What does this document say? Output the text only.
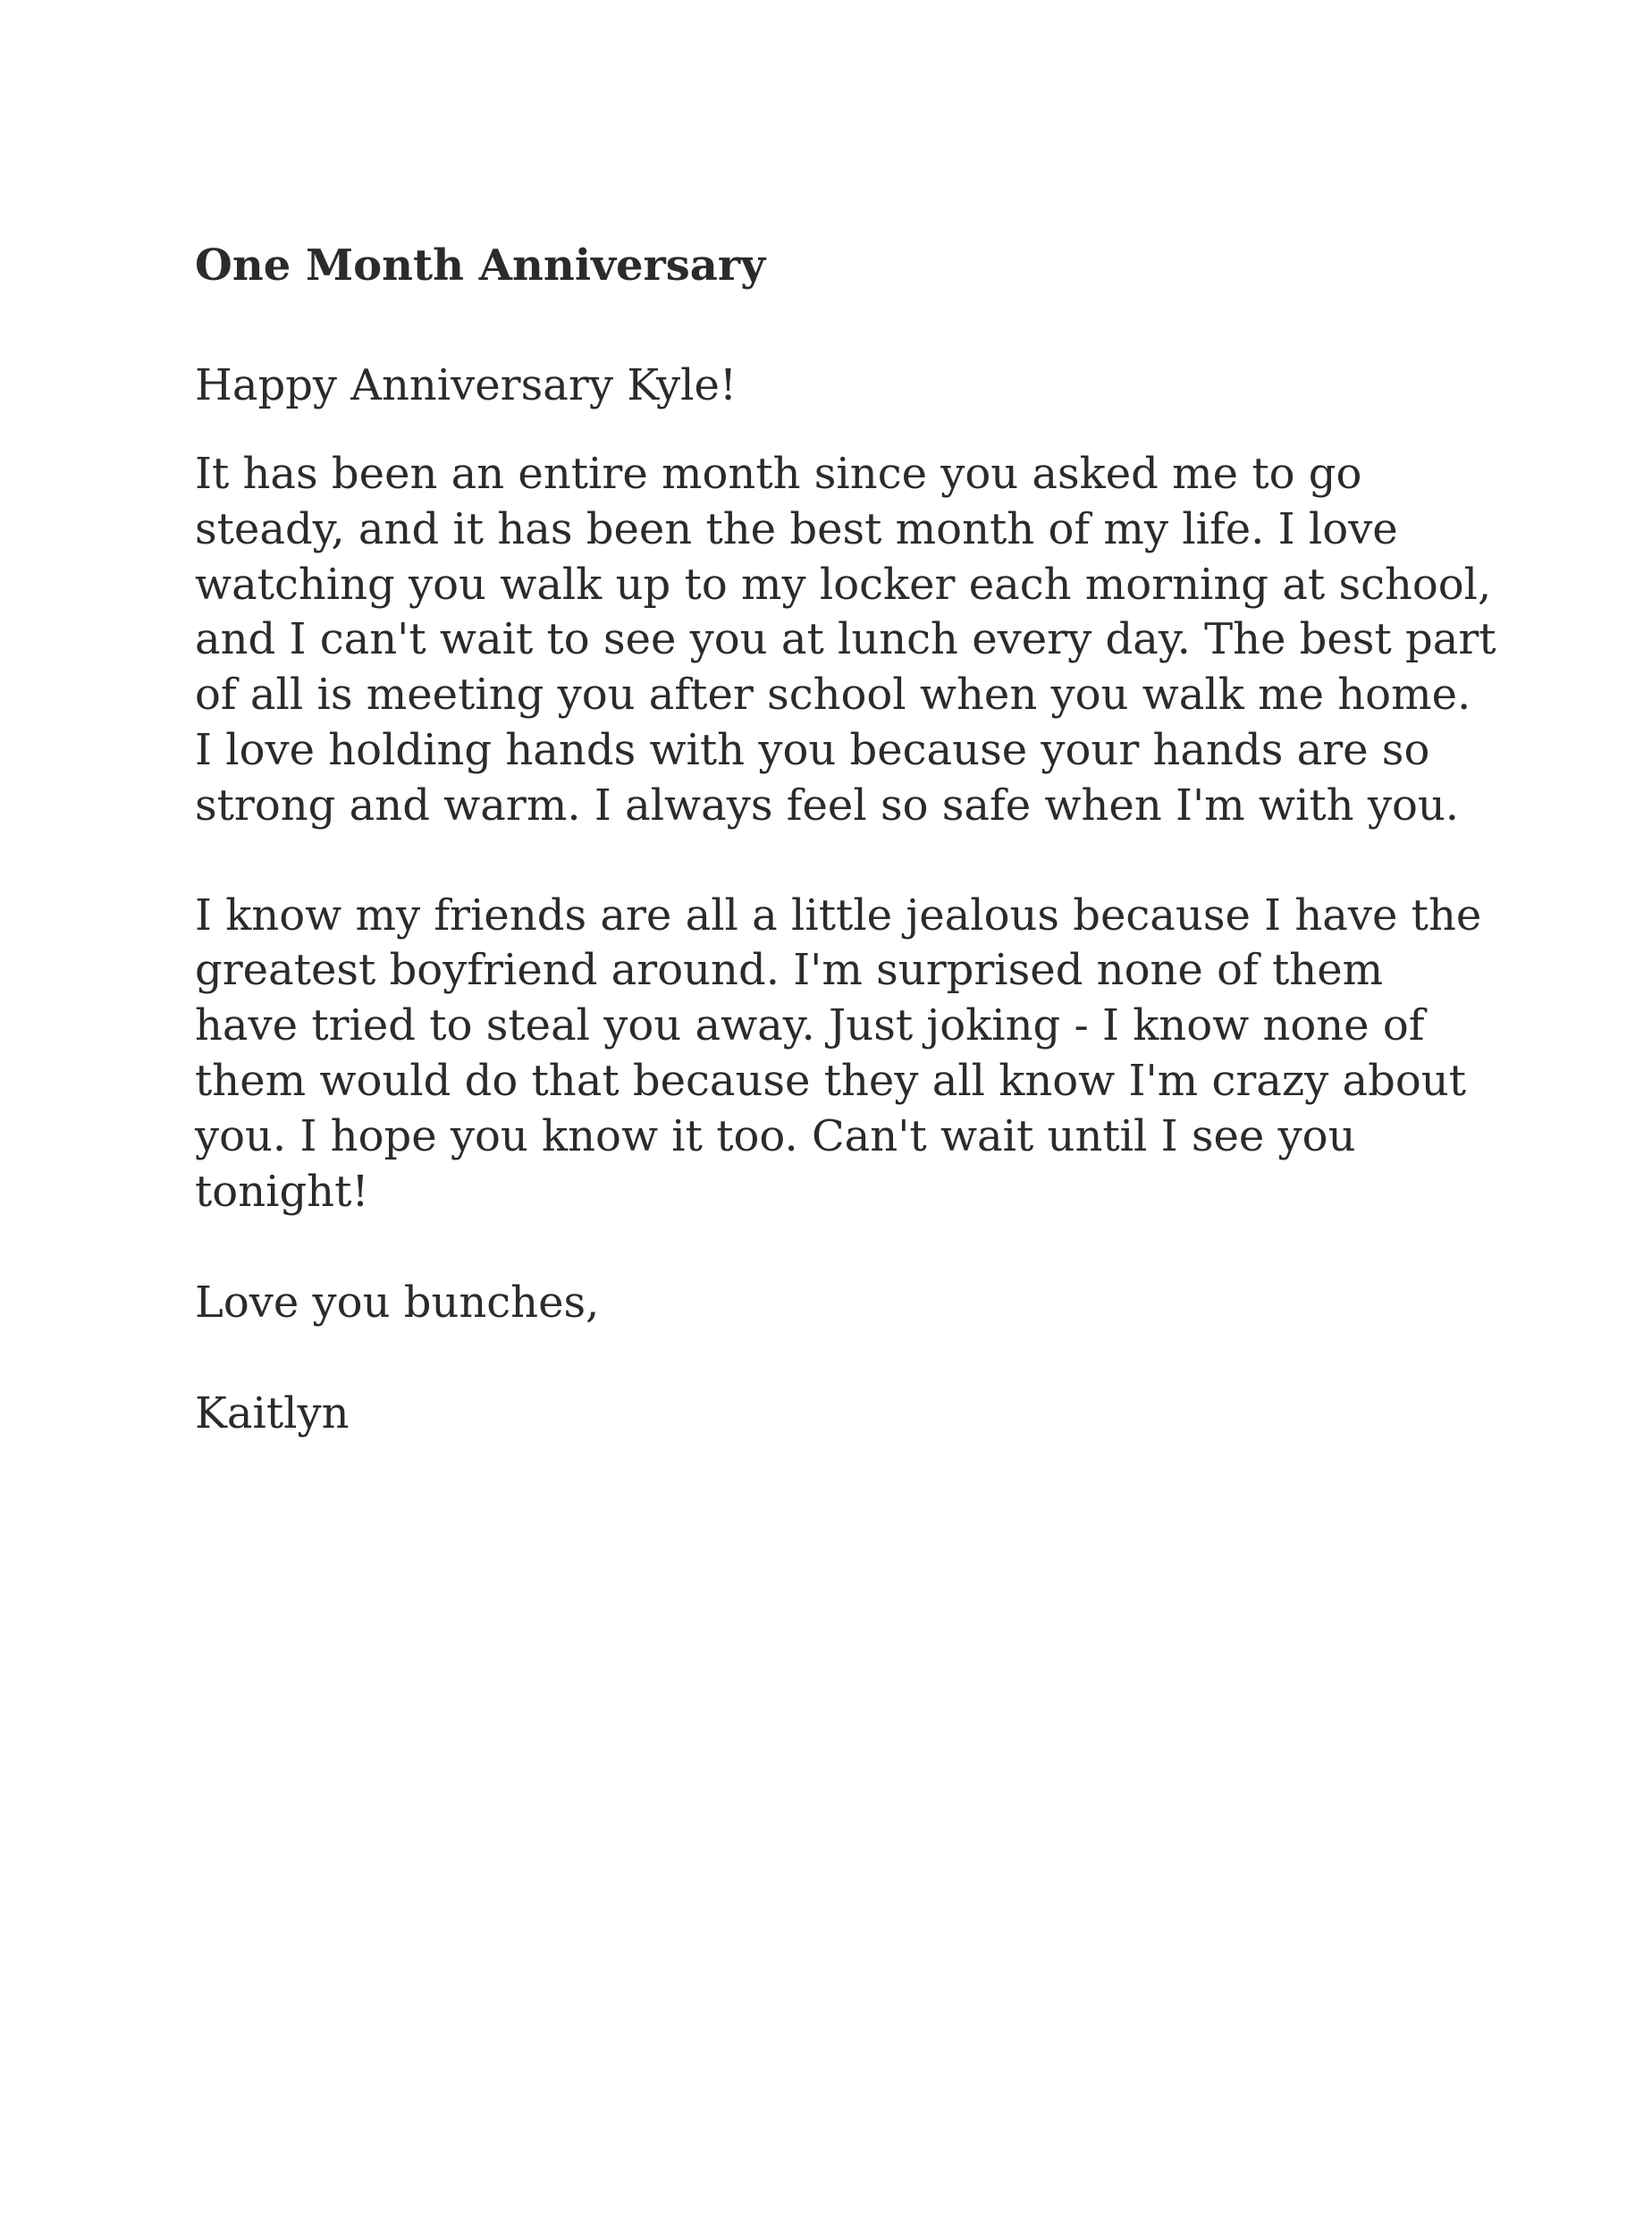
One Month Anniversary

Happy Anniversary Kyle!

It has been an entire month since you asked me to go
steady, and it has been the best month of my life. I love
watching you walk up to my locker each morning at school,
and I can't wait to see you at lunch every day. The best part
of all is meeting you after school when you walk me home.
I love holding hands with you because your hands are so
strong and warm. I always feel so safe when I'm with you.

I know my friends are all a little jealous because I have the
greatest boyfriend around. I'm surprised none of them
have tried to steal you away. Just joking - I know none of
them would do that because they all know I'm crazy about
you. I hope you know it too. Can't wait until I see you
tonight!

Love you bunches,

Kaitlyn
